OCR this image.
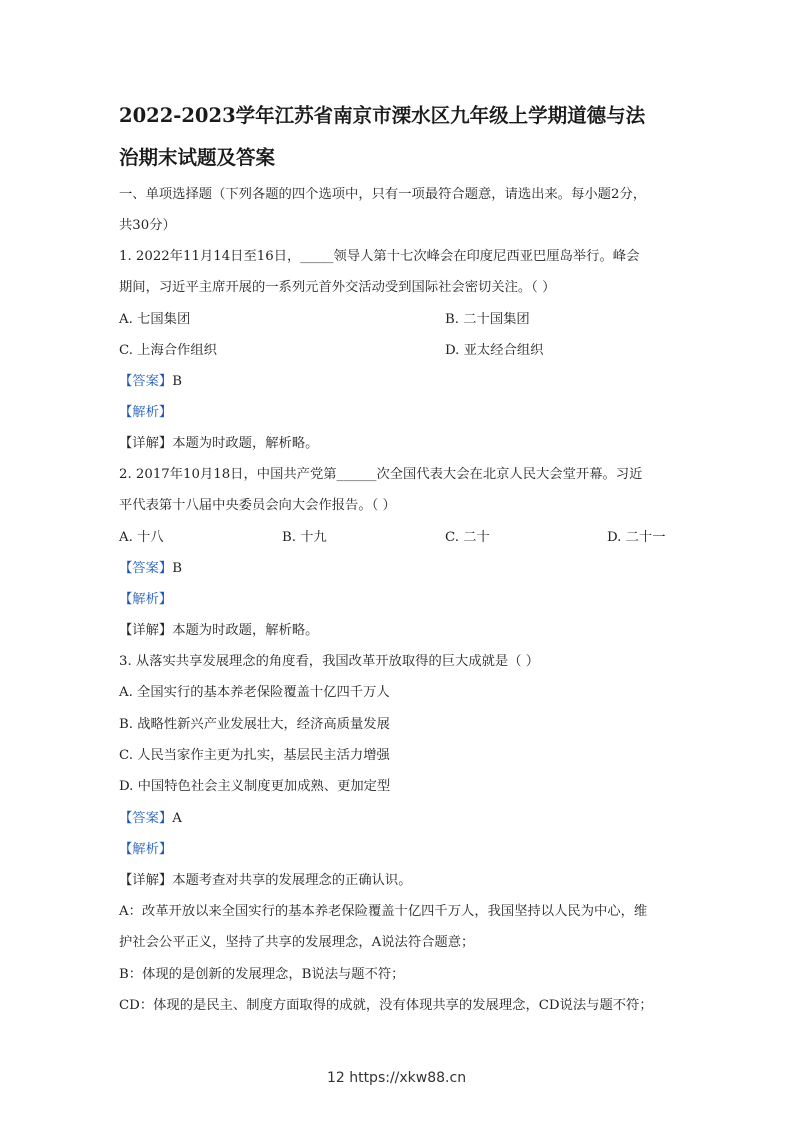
2022-2023学年江苏省南京市溧水区九年级上学期道德与法
治期末试题及答案
一、单项选择题（下列各题的四个选项中，只有一项最符合题意，请选出来。每小题2分，
共30分）
1. 2022年11月14日至16日，_____领导人第十七次峰会在印度尼西亚巴厘岛举行。峰会
期间，习近平主席开展的一系列元首外交活动受到国际社会密切关注。（ ）
A. 七国集团	B. 二十国集团
C. 上海合作组织	D. 亚太经合组织
【答案】B
【解析】
【详解】本题为时政题，解析略。
2. 2017年10月18日，中国共产党第______次全国代表大会在北京人民大会堂开幕。习近
平代表第十八届中央委员会向大会作报告。（ ）
A. 十八	B. 十九	C. 二十	D. 二十一
【答案】B
【解析】
【详解】本题为时政题，解析略。
3. 从落实共享发展理念的角度看，我国改革开放取得的巨大成就是（ ）
A. 全国实行的基本养老保险覆盖十亿四千万人
B. 战略性新兴产业发展壮大，经济高质量发展
C. 人民当家作主更为扎实，基层民主活力增强
D. 中国特色社会主义制度更加成熟、更加定型
【答案】A
【解析】
【详解】本题考查对共享的发展理念的正确认识。
A：改革开放以来全国实行的基本养老保险覆盖十亿四千万人，我国坚持以人民为中心，维
护社会公平正义，坚持了共享的发展理念，A说法符合题意；
B：体现的是创新的发展理念，B说法与题不符；
CD：体现的是民主、制度方面取得的成就，没有体现共享的发展理念，CD说法与题不符；
12 https://xkw88.cn
